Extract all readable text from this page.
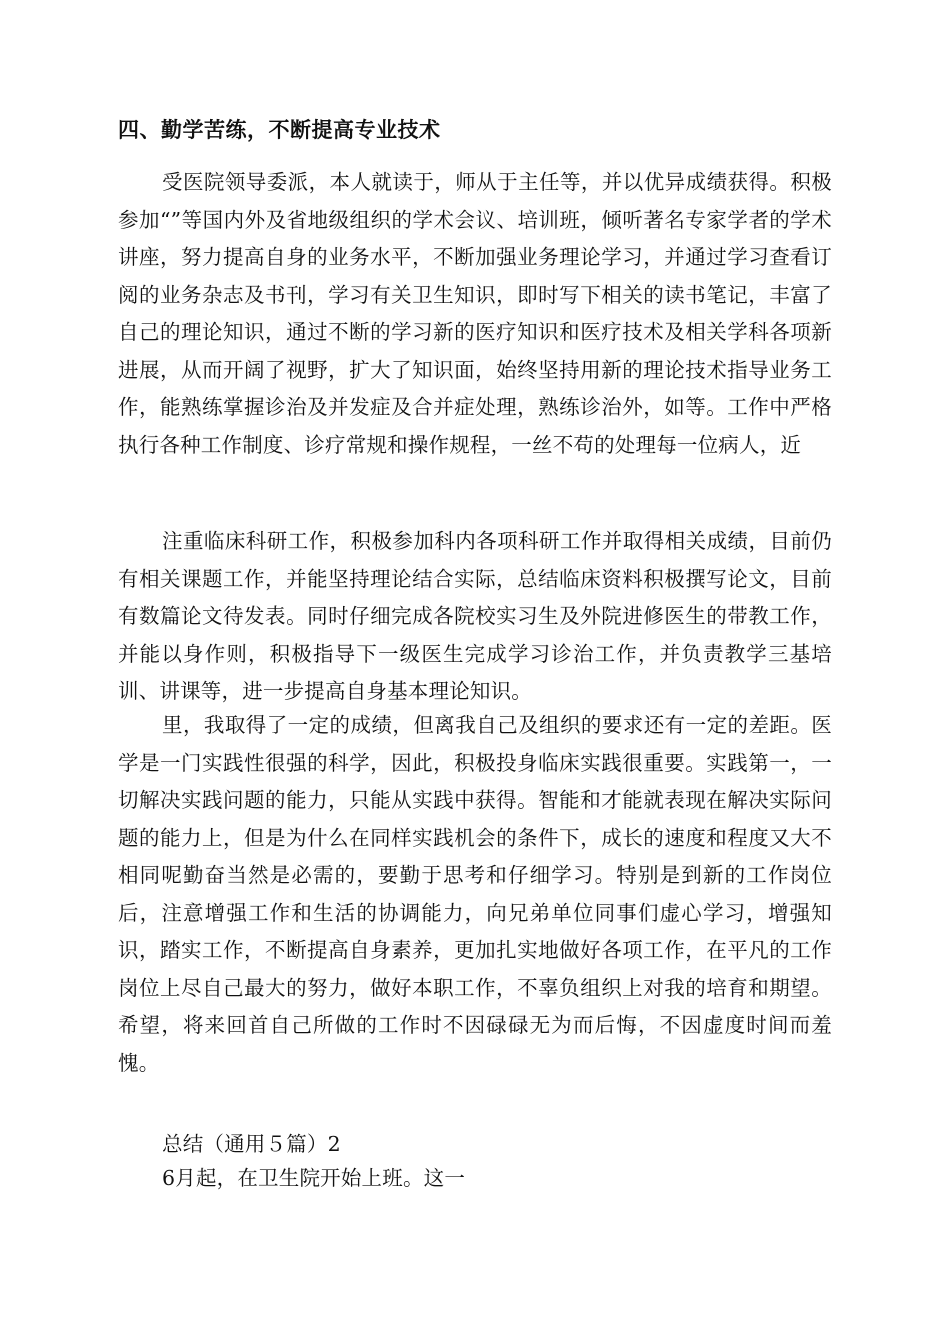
四、勤学苦练，不断提高专业技术

受医院领导委派，本人就读于，师从于主任等，并以优异成绩获得。积极参加“”等国内外及省地级组织的学术会议、培训班，倾听著名专家学者的学术讲座，努力提高自身的业务水平，不断加强业务理论学习，并通过学习查看订阅的业务杂志及书刊，学习有关卫生知识，即时写下相关的读书笔记，丰富了自己的理论知识，通过不断的学习新的医疗知识和医疗技术及相关学科各项新进展，从而开阔了视野，扩大了知识面，始终坚持用新的理论技术指导业务工作，能熟练掌握诊治及并发症及合并症处理，熟练诊治外，如等。工作中严格执行各种工作制度、诊疗常规和操作规程，一丝不苟的处理每一位病人，近

注重临床科研工作，积极参加科内各项科研工作并取得相关成绩，目前仍有相关课题工作，并能坚持理论结合实际，总结临床资料积极撰写论文，目前有数篇论文待发表。同时仔细完成各院校实习生及外院进修医生的带教工作，并能以身作则，积极指导下一级医生完成学习诊治工作，并负责教学三基培训、讲课等，进一步提高自身基本理论知识。

里，我取得了一定的成绩，但离我自己及组织的要求还有一定的差距。医学是一门实践性很强的科学，因此，积极投身临床实践很重要。实践第一，一切解决实践问题的能力，只能从实践中获得。智能和才能就表现在解决实际问题的能力上，但是为什么在同样实践机会的条件下，成长的速度和程度又大不相同呢勤奋当然是必需的，要勤于思考和仔细学习。特别是到新的工作岗位后，注意增强工作和生活的协调能力，向兄弟单位同事们虚心学习，增强知识，踏实工作，不断提高自身素养，更加扎实地做好各项工作，在平凡的工作岗位上尽自己最大的努力，做好本职工作，不辜负组织上对我的培育和期望。希望，将来回首自己所做的工作时不因碌碌无为而后悔，不因虚度时间而羞愧。

总结（通用５篇）2

6月起，在卫生院开始上班。这一
